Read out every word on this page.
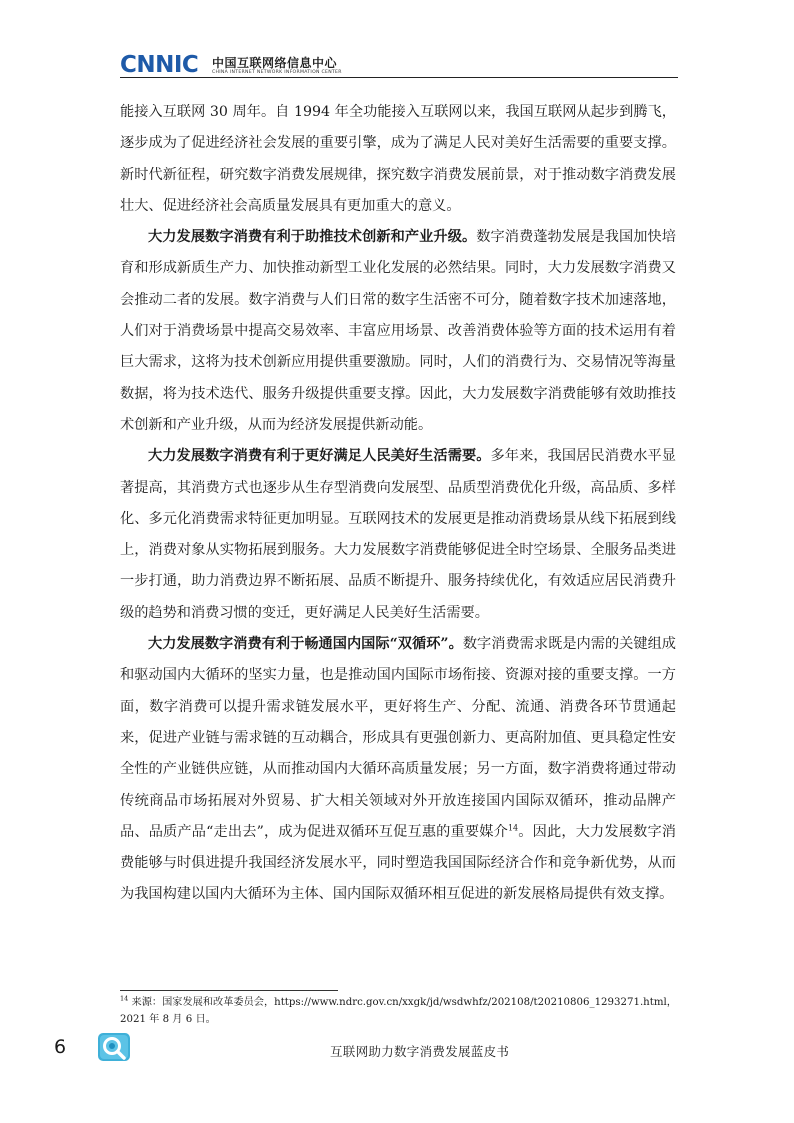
CNNIC 中国互联网络信息中心
CHINA INTERNET NETWORK INFORMATION CENTER

能接入互联网 30 周年。自 1994 年全功能接入互联网以来，我国互联网从起步到腾飞，逐步成为了促进经济社会发展的重要引擎，成为了满足人民对美好生活需要的重要支撑。新时代新征程，研究数字消费发展规律，探究数字消费发展前景，对于推动数字消费发展壮大、促进经济社会高质量发展具有更加重大的意义。

大力发展数字消费有利于助推技术创新和产业升级。数字消费蓬勃发展是我国加快培育和形成新质生产力、加快推动新型工业化发展的必然结果。同时，大力发展数字消费又会推动二者的发展。数字消费与人们日常的数字生活密不可分，随着数字技术加速落地，人们对于消费场景中提高交易效率、丰富应用场景、改善消费体验等方面的技术运用有着巨大需求，这将为技术创新应用提供重要激励。同时，人们的消费行为、交易情况等海量数据，将为技术迭代、服务升级提供重要支撑。因此，大力发展数字消费能够有效助推技术创新和产业升级，从而为经济发展提供新动能。

大力发展数字消费有利于更好满足人民美好生活需要。多年来，我国居民消费水平显著提高，其消费方式也逐步从生存型消费向发展型、品质型消费优化升级，高品质、多样化、多元化消费需求特征更加明显。互联网技术的发展更是推动消费场景从线下拓展到线上，消费对象从实物拓展到服务。大力发展数字消费能够促进全时空场景、全服务品类进一步打通，助力消费边界不断拓展、品质不断提升、服务持续优化，有效适应居民消费升级的趋势和消费习惯的变迁，更好满足人民美好生活需要。

大力发展数字消费有利于畅通国内国际“双循环”。数字消费需求既是内需的关键组成和驱动国内大循环的坚实力量，也是推动国内国际市场衔接、资源对接的重要支撑。一方面，数字消费可以提升需求链发展水平，更好将生产、分配、流通、消费各环节贯通起来，促进产业链与需求链的互动耦合，形成具有更强创新力、更高附加值、更具稳定性安全性的产业链供应链，从而推动国内大循环高质量发展；另一方面，数字消费将通过带动传统商品市场拓展对外贸易、扩大相关领域对外开放连接国内国际双循环，推动品牌产品、品质产品“走出去”，成为促进双循环互促互惠的重要媒介$^{14}$。因此，大力发展数字消费能够与时俱进提升我国经济发展水平，同时塑造我国国际经济合作和竞争新优势，从而为我国构建以国内大循环为主体、国内国际双循环相互促进的新发展格局提供有效支撑。

$^{14}$ 来源：国家发展和改革委员会，https://www.ndrc.gov.cn/xxgk/jd/wsdwhfz/202108/t20210806_1293271.html，2021 年 8 月 6 日。
6	互联网助力数字消费发展蓝皮书
